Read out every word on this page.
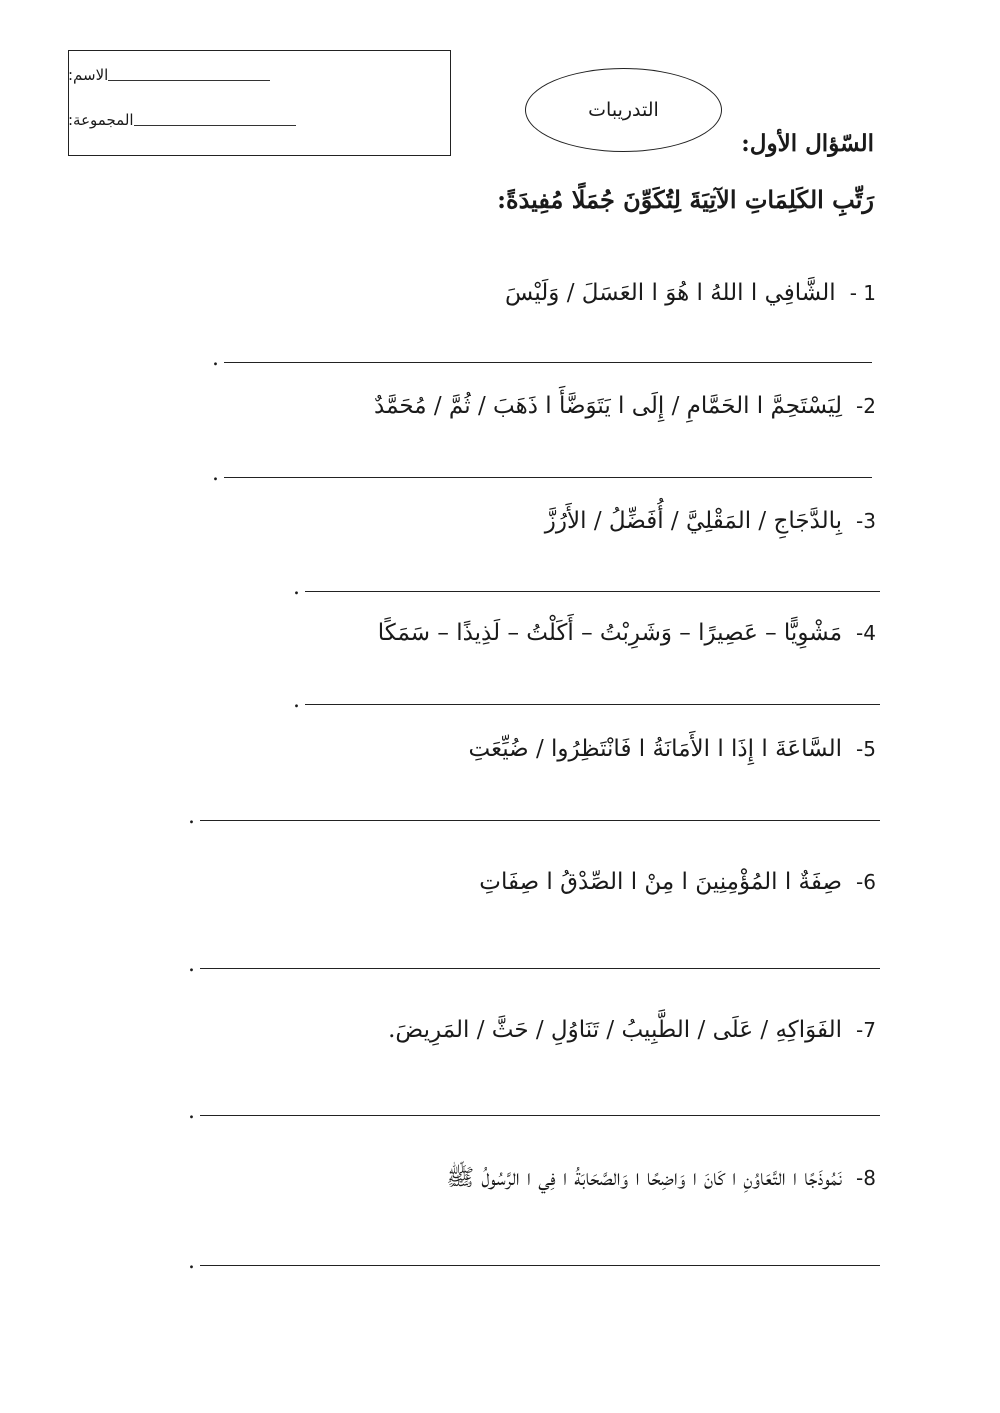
الاسم:
المجموعة:	التدريبات
السّؤال الأول:
رَتِّبِ الكَلِمَاتِ الآتِيَةَ لِتُكَوِّنَ جُمَلًا مُفِيدَةً:
1 -
الشَّافِي ا اللهُ ا هُوَ ا العَسَلَ / وَلَيْسَ
.
2-
لِيَسْتَحِمَّ ا الحَمَّامِ / إِلَى ا يَتَوَضَّأَ ا ذَهَبَ / ثُمَّ / مُحَمَّدٌ
.
3-
بِالدَّجَاجِ / المَقْلِيَّ / أُفَضِّلُ / الأَرُزَّ
.
4-
مَشْوِيًّا – عَصِيرًا – وَشَرِبْتُ – أَكَلْتُ – لَذِيذًا – سَمَكًا
.
5-
السَّاعَةَ ا إِذَا ا الأَمَانَةُ ا فَانْتَظِرُوا / ضُيِّعَتِ
.
6-
صِفَةٌ ا المُؤْمِنِينَ ا مِنْ ا الصِّدْقُ ا صِفَاتِ
.
7-
الفَوَاكِهِ / عَلَى / الطَّبِيبُ / تَنَاوُلِ / حَثَّ / المَرِيضَ.
.
8-
نَمُوذَجًا ا التَّعَاوُنِ ا كَانَ ا وَاضِحًا ا وَالصَّحَابَةُ ا فِي ا الرَّسُولُ ﷺ
.
